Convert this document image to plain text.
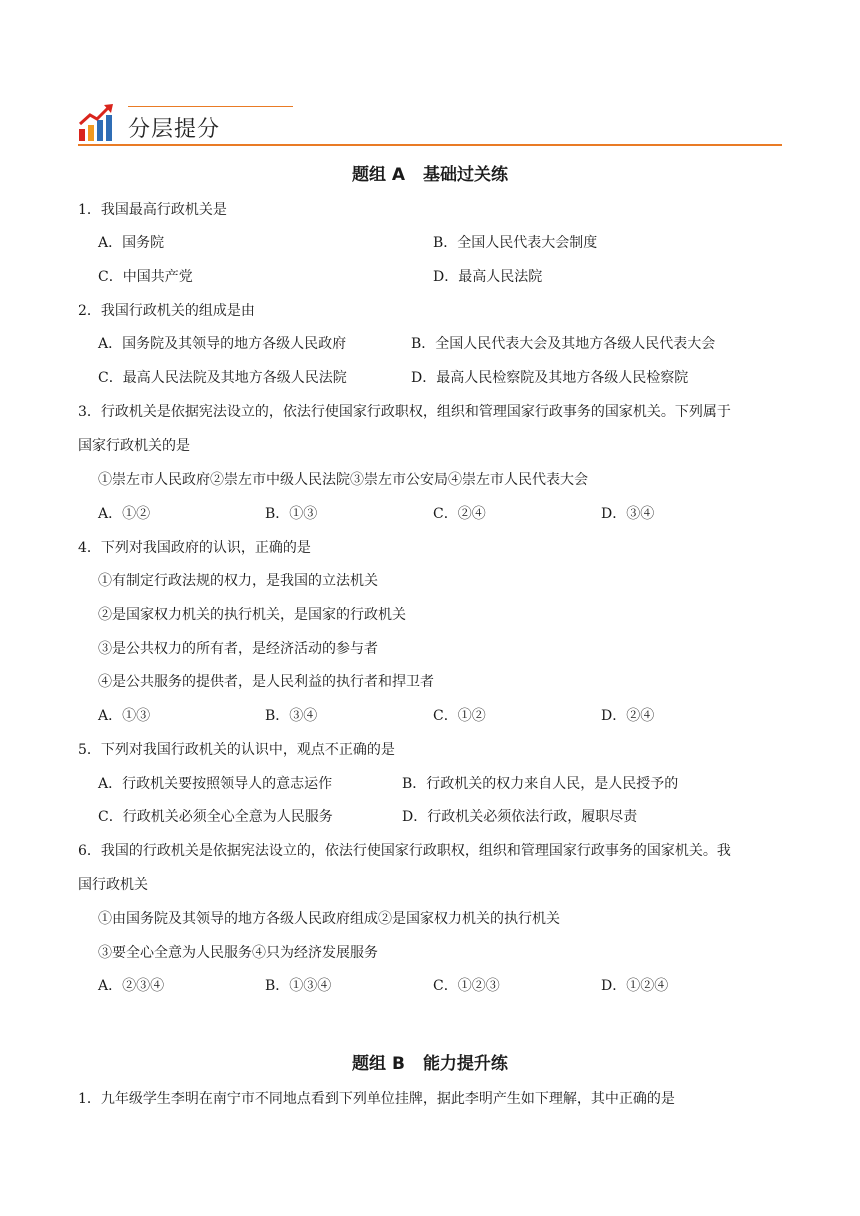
分层提分
题组 A 基础过关练
1．我国最高行政机关是
A．国务院	B．全国人民代表大会制度
C．中国共产党	D．最高人民法院
2．我国行政机关的组成是由
A．国务院及其领导的地方各级人民政府	B．全国人民代表大会及其地方各级人民代表大会
C．最高人民法院及其地方各级人民法院	D．最高人民检察院及其地方各级人民检察院
3．行政机关是依据宪法设立的，依法行使国家行政职权，组织和管理国家行政事务的国家机关。下列属于
国家行政机关的是
①崇左市人民政府②崇左市中级人民法院③崇左市公安局④崇左市人民代表大会
A．①②	B．①③	C．②④	D．③④
4．下列对我国政府的认识，正确的是
①有制定行政法规的权力，是我国的立法机关
②是国家权力机关的执行机关，是国家的行政机关
③是公共权力的所有者，是经济活动的参与者
④是公共服务的提供者，是人民利益的执行者和捍卫者
A．①③	B．③④	C．①②	D．②④
5．下列对我国行政机关的认识中，观点不正确的是
A．行政机关要按照领导人的意志运作	B．行政机关的权力来自人民，是人民授予的
C．行政机关必须全心全意为人民服务	D．行政机关必须依法行政，履职尽责
6．我国的行政机关是依据宪法设立的，依法行使国家行政职权，组织和管理国家行政事务的国家机关。我
国行政机关
①由国务院及其领导的地方各级人民政府组成②是国家权力机关的执行机关
③要全心全意为人民服务④只为经济发展服务
A．②③④	B．①③④	C．①②③	D．①②④
题组 B 能力提升练
1．九年级学生李明在南宁市不同地点看到下列单位挂牌，据此李明产生如下理解，其中正确的是
